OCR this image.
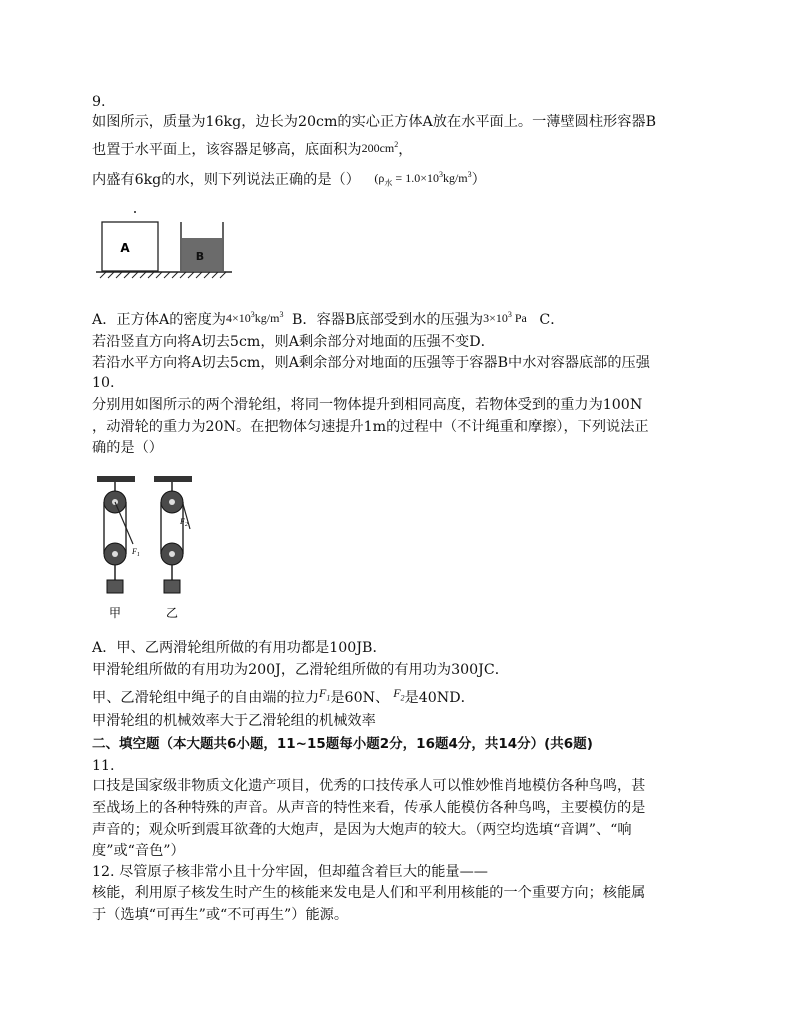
9.
如图所示，质量为16kg，边长为20cm的实心正方体A放在水平面上。一薄壁圆柱形容器B
也置于水平面上，该容器足够高，底面积为$200cm^2$，
内盛有6kg的水，则下列说法正确的是（） $(\rho_水 = 1.0\times 10^3kg/m^3)$
A
B
A．正方体A的密度为$4\times 10^3kg/m^3$ B．容器B底部受到水的压强为$3\times 10^3$ Pa C．
若沿竖直方向将A切去5cm，则A剩余部分对地面的压强不变D．
若沿水平方向将A切去5cm，则A剩余部分对地面的压强等于容器B中水对容器底部的压强
10.
分别用如图所示的两个滑轮组，将同一物体提升到相同高度，若物体受到的重力为100N
，动滑轮的重力为20N。在把物体匀速提升1m的过程中（不计绳重和摩擦），下列说法正
确的是（）
$F_1$
甲
$F_2$
乙
A．甲、乙两滑轮组所做的有用功都是100JB．
甲滑轮组所做的有用功为200J，乙滑轮组所做的有用功为300JC．
甲、乙滑轮组中绳子的自由端的拉力$F_1$是60N、 $F_2$是40ND．
甲滑轮组的机械效率大于乙滑轮组的机械效率
二、填空题（本大题共6小题，11~15题每小题2分，16题4分，共14分）(共6题)
11.
口技是国家级非物质文化遗产项目，优秀的口技传承人可以惟妙惟肖地模仿各种鸟鸣，甚
至战场上的各种特殊的声音。从声音的特性来看，传承人能模仿各种鸟鸣，主要模仿的是
声音的；观众听到震耳欲聋的大炮声，是因为大炮声的较大。（两空均选填“音调”、“响
度”或“音色”）
12. 尽管原子核非常小且十分牢固，但却蕴含着巨大的能量——
核能，利用原子核发生时产生的核能来发电是人们和平利用核能的一个重要方向；核能属
于（选填“可再生”或“不可再生”）能源。
